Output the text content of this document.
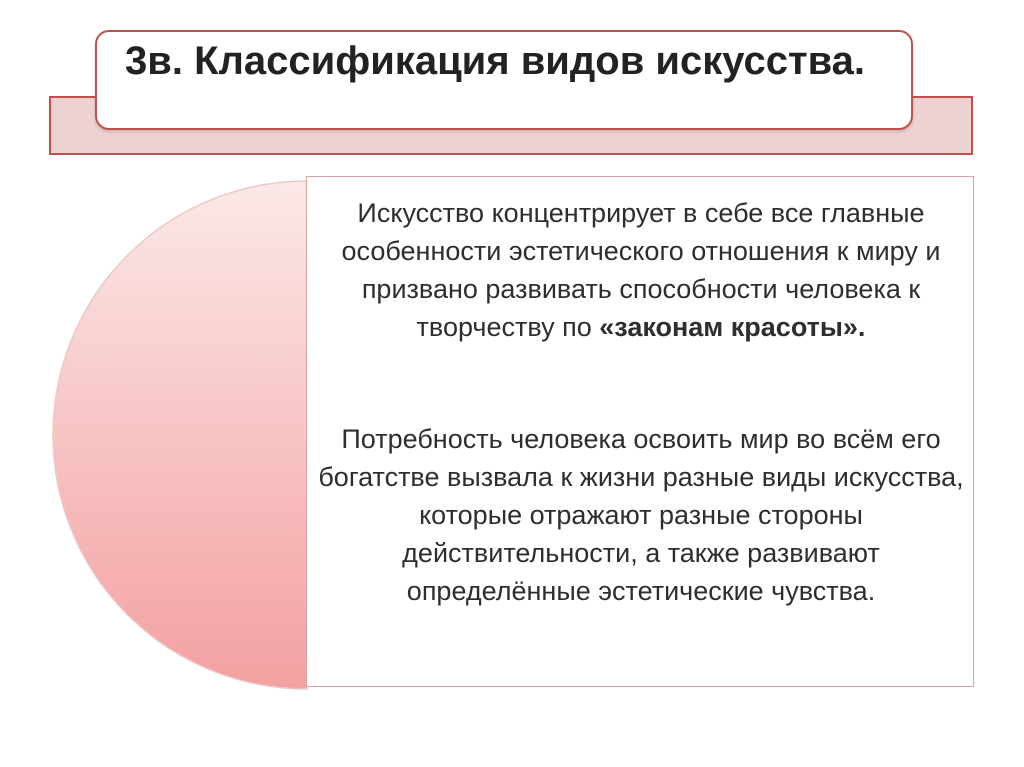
3в. Классификация видов искусства.
Искусство концентрирует в себе все главные особенности эстетического отношения к миру и призвано развивать способности человека к творчеству по «законам красоты».
Потребность человека освоить мир во всём его богатстве вызвала к жизни разные виды искусства, которые отражают разные стороны действительности, а также развивают определённые эстетические чувства.
